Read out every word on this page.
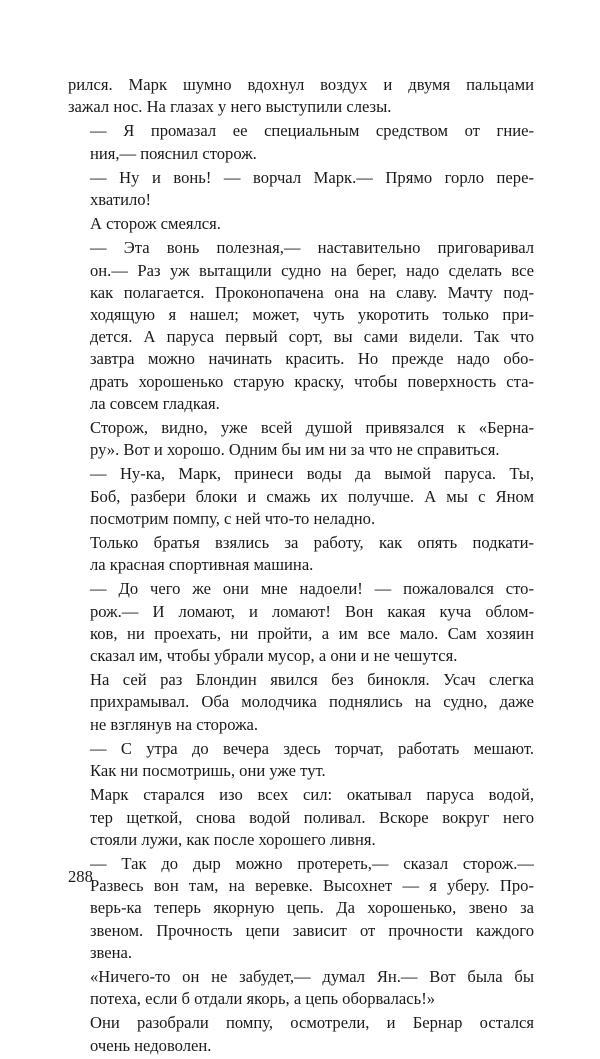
рился. Марк шумно вдохнул воздух и двумя пальцами
зажал нос. На глазах у него выступили слезы.
— Я промазал ее специальным средством от гние-
ния,— пояснил сторож.
— Ну и вонь! — ворчал Марк.— Прямо горло пере-
хватило!
А сторож смеялся.
— Эта вонь полезная,— наставительно приговаривал
он.— Раз уж вытащили судно на берег, надо сделать все
как полагается. Проконопачена она на славу. Мачту под-
ходящую я нашел; может, чуть укоротить только при-
дется. А паруса первый сорт, вы сами видели. Так что
завтра можно начинать красить. Но прежде надо обо-
драть хорошенько старую краску, чтобы поверхность ста-
ла совсем гладкая.
Сторож, видно, уже всей душой привязался к «Берна-
ру». Вот и хорошо. Одним бы им ни за что не справиться.
— Ну-ка, Марк, принеси воды да вымой паруса. Ты,
Боб, разбери блоки и смажь их получше. А мы с Яном
посмотрим помпу, с ней что-то неладно.
Только братья взялись за работу, как опять подкати-
ла красная спортивная машина.
— До чего же они мне надоели! — пожаловался сто-
рож.— И ломают, и ломают! Вон какая куча облом-
ков, ни проехать, ни пройти, а им все мало. Сам хозяин
сказал им, чтобы убрали мусор, а они и не чешутся.
На сей раз Блондин явился без бинокля. Усач слегка
прихрамывал. Оба молодчика поднялись на судно, даже
не взглянув на сторожа.
— С утра до вечера здесь торчат, работать мешают.
Как ни посмотришь, они уже тут.
Марк старался изо всех сил: окатывал паруса водой,
тер щеткой, снова водой поливал. Вскоре вокруг него
стояли лужи, как после хорошего ливня.
— Так до дыр можно протереть,— сказал сторож.—
Развесь вон там, на веревке. Высохнет — я уберу. Про-
верь-ка теперь якорную цепь. Да хорошенько, звено за
звеном. Прочность цепи зависит от прочности каждого
звена.
«Ничего-то он не забудет,— думал Ян.— Вот была бы
потеха, если б отдали якорь, а цепь оборвалась!»
Они разобрали помпу, осмотрели, и Бернар остался
очень недоволен.
288
